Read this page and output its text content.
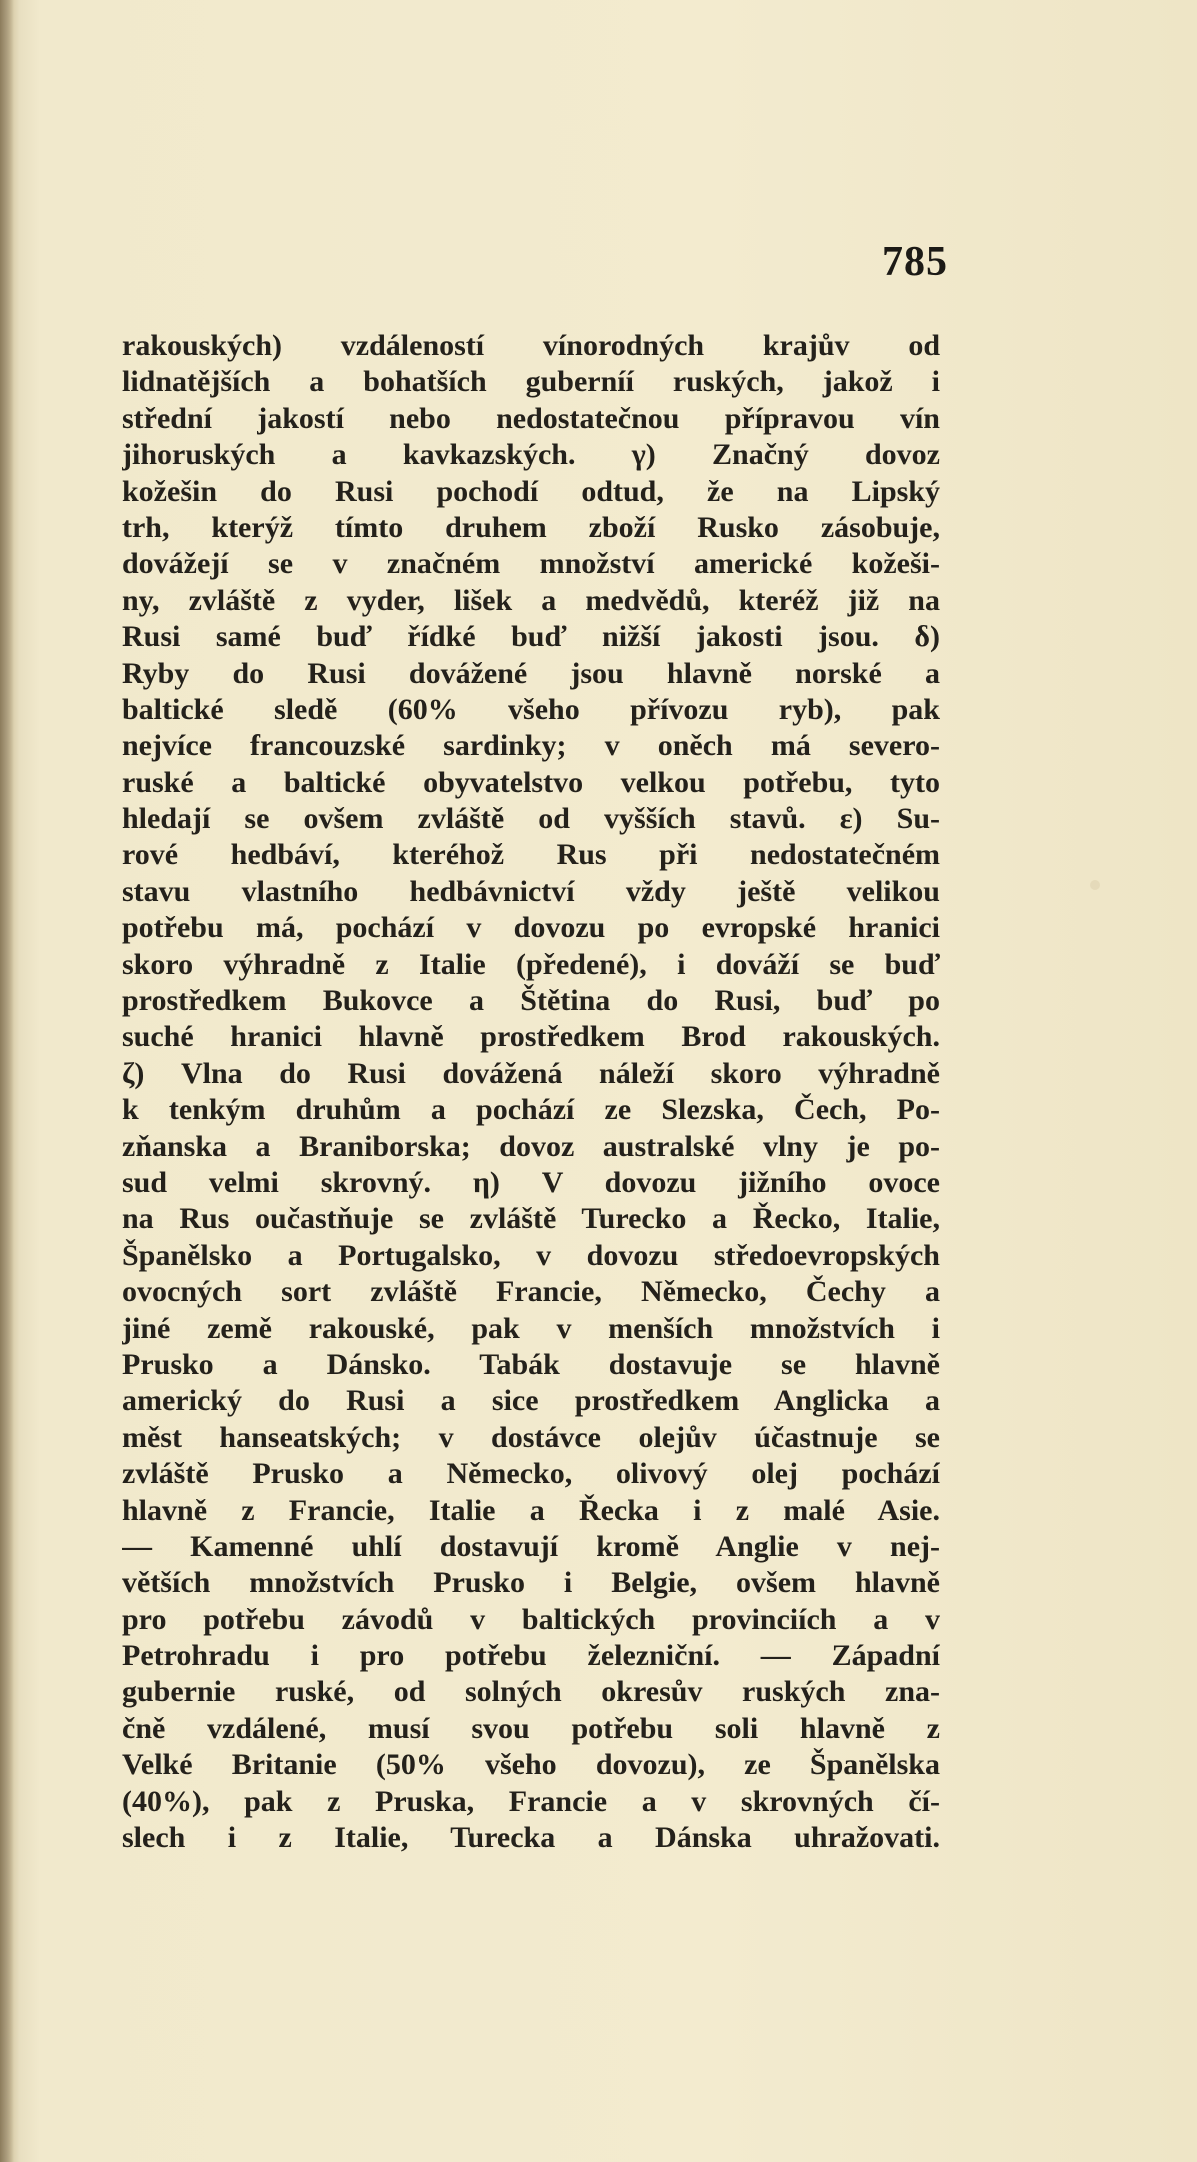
785
rakouských) vzdáleností vínorodných krajův od
lidnatějších a bohatších guberníí ruských, jakož i
střední jakostí nebo nedostatečnou přípravou vín
jihoruských a kavkazských. γ) Značný dovoz
kožešin do Rusi pochodí odtud, že na Lipský
trh, kterýž tímto druhem zboží Rusko zásobuje,
dovážejí se v značném množství americké kožeši-
ny, zvláště z vyder, lišek a medvědů, kteréž již na
Rusi samé buď řídké buď nižší jakosti jsou. δ)
Ryby do Rusi dovážené jsou hlavně norské a
baltické sledě (60% všeho přívozu ryb), pak
nejvíce francouzské sardinky; v oněch má severo-
ruské a baltické obyvatelstvo velkou potřebu, tyto
hledají se ovšem zvláště od vyšších stavů. ε) Su-
rové hedbáví, kteréhož Rus při nedostatečném
stavu vlastního hedbávnictví vždy ještě velikou
potřebu má, pochází v dovozu po evropské hranici
skoro výhradně z Italie (předené), i dováží se buď
prostředkem Bukovce a Štětina do Rusi, buď po
suché hranici hlavně prostředkem Brod rakouských.
ζ) Vlna do Rusi dovážená náleží skoro výhradně
k tenkým druhům a pochází ze Slezska, Čech, Po-
zňanska a Braniborska; dovoz australské vlny je po-
sud velmi skrovný. η) V dovozu jižního ovoce
na Rus oučastňuje se zvláště Turecko a Řecko, Italie,
Španělsko a Portugalsko, v dovozu středoevropských
ovocných sort zvláště Francie, Německo, Čechy a
jiné země rakouské, pak v menších množstvích i
Prusko a Dánsko. Tabák dostavuje se hlavně
americký do Rusi a sice prostředkem Anglicka a
měst hanseatských; v dostávce olejův účastnuje se
zvláště Prusko a Německo, olivový olej pochází
hlavně z Francie, Italie a Řecka i z malé Asie.
— Kamenné uhlí dostavují kromě Anglie v nej-
větších množstvích Prusko i Belgie, ovšem hlavně
pro potřebu závodů v baltických provinciích a v
Petrohradu i pro potřebu železniční. — Západní
gubernie ruské, od solných okresův ruských zna-
čně vzdálené, musí svou potřebu soli hlavně z
Velké Britanie (50% všeho dovozu), ze Španělska
(40%), pak z Pruska, Francie a v skrovných čí-
slech i z Italie, Turecka a Dánska uhražovati.
